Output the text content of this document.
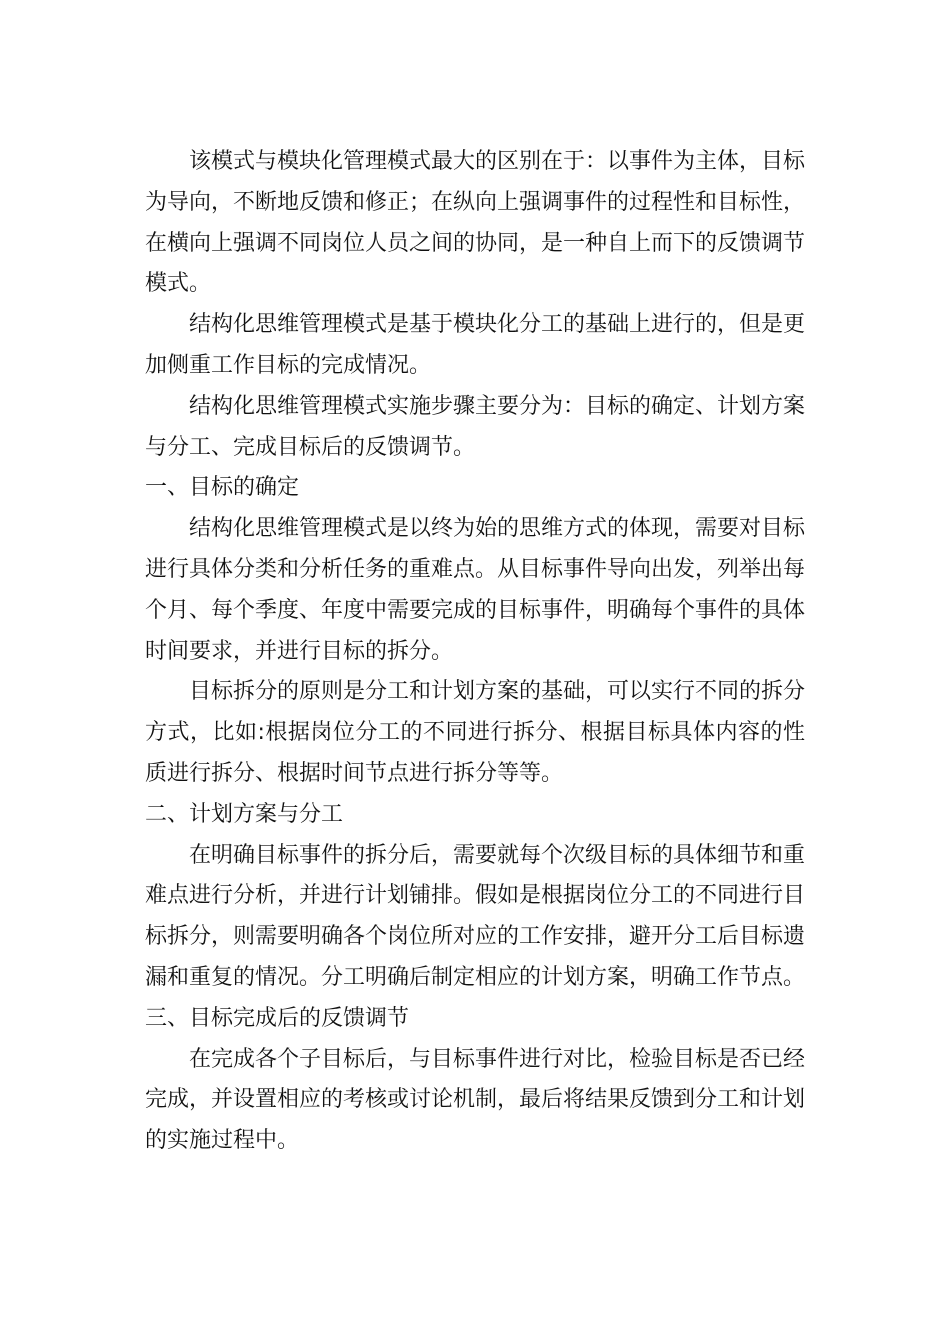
该模式与模块化管理模式最大的区别在于：以事件为主体，目标为导向，不断地反馈和修正；在纵向上强调事件的过程性和目标性，在横向上强调不同岗位人员之间的协同，是一种自上而下的反馈调节模式。

结构化思维管理模式是基于模块化分工的基础上进行的，但是更加侧重工作目标的完成情况。

结构化思维管理模式实施步骤主要分为：目标的确定、计划方案与分工、完成目标后的反馈调节。

一、目标的确定

结构化思维管理模式是以终为始的思维方式的体现，需要对目标进行具体分类和分析任务的重难点。从目标事件导向出发，列举出每个月、每个季度、年度中需要完成的目标事件，明确每个事件的具体时间要求，并进行目标的拆分。

目标拆分的原则是分工和计划方案的基础，可以实行不同的拆分方式，比如:根据岗位分工的不同进行拆分、根据目标具体内容的性质进行拆分、根据时间节点进行拆分等等。

二、计划方案与分工

在明确目标事件的拆分后，需要就每个次级目标的具体细节和重难点进行分析，并进行计划铺排。假如是根据岗位分工的不同进行目标拆分，则需要明确各个岗位所对应的工作安排，避开分工后目标遗漏和重复的情况。分工明确后制定相应的计划方案，明确工作节点。

三、目标完成后的反馈调节

在完成各个子目标后，与目标事件进行对比，检验目标是否已经完成，并设置相应的考核或讨论机制，最后将结果反馈到分工和计划的实施过程中。
